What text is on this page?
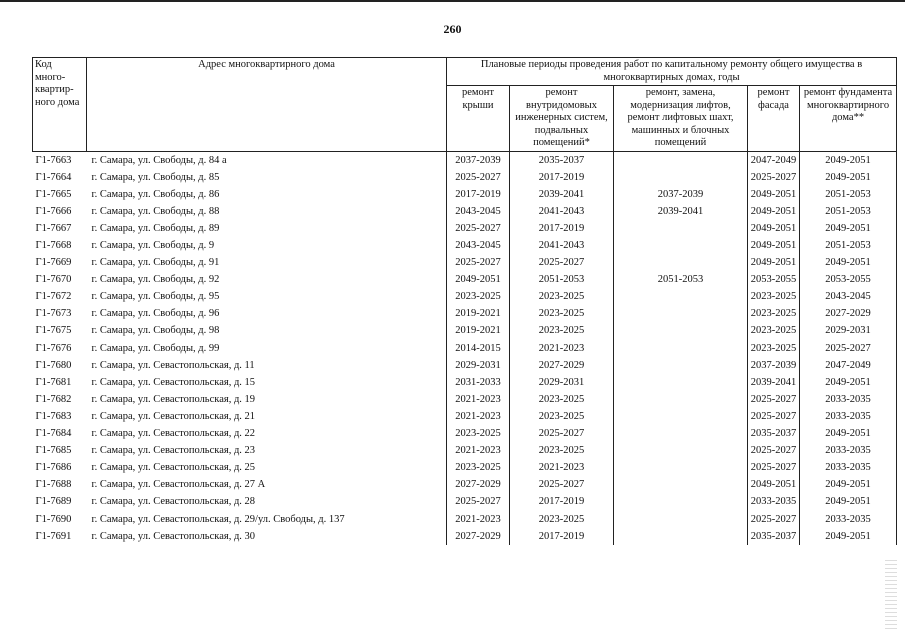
260
Код много-квартир-ного дома	Адрес многоквартирного дома	Плановые периоды проведения работ по капитальному ремонту общего имущества в многоквартирных домах, годы				
		ремонт крыши	ремонт внутридомовых инженерных систем, подвальных помещений*	ремонт, замена, модернизация лифтов, ремонт лифтовых шахт, машинных и блочных помещений	ремонт фасада	ремонт фундамента многоквартирного дома**
Г1-7663	г. Самара, ул. Свободы, д. 84 а	2037-2039	2035-2037		2047-2049	2049-2051
Г1-7664	г. Самара, ул. Свободы, д. 85	2025-2027	2017-2019		2025-2027	2049-2051
Г1-7665	г. Самара, ул. Свободы, д. 86	2017-2019	2039-2041	2037-2039	2049-2051	2051-2053
Г1-7666	г. Самара, ул. Свободы, д. 88	2043-2045	2041-2043	2039-2041	2049-2051	2051-2053
Г1-7667	г. Самара, ул. Свободы, д. 89	2025-2027	2017-2019		2049-2051	2049-2051
Г1-7668	г. Самара, ул. Свободы, д. 9	2043-2045	2041-2043		2049-2051	2051-2053
Г1-7669	г. Самара, ул. Свободы, д. 91	2025-2027	2025-2027		2049-2051	2049-2051
Г1-7670	г. Самара, ул. Свободы, д. 92	2049-2051	2051-2053	2051-2053	2053-2055	2053-2055
Г1-7672	г. Самара, ул. Свободы, д. 95	2023-2025	2023-2025		2023-2025	2043-2045
Г1-7673	г. Самара, ул. Свободы, д. 96	2019-2021	2023-2025		2023-2025	2027-2029
Г1-7675	г. Самара, ул. Свободы, д. 98	2019-2021	2023-2025		2023-2025	2029-2031
Г1-7676	г. Самара, ул. Свободы, д. 99	2014-2015	2021-2023		2023-2025	2025-2027
Г1-7680	г. Самара, ул. Севастопольская, д. 11	2029-2031	2027-2029		2037-2039	2047-2049
Г1-7681	г. Самара, ул. Севастопольская, д. 15	2031-2033	2029-2031		2039-2041	2049-2051
Г1-7682	г. Самара, ул. Севастопольская, д. 19	2021-2023	2023-2025		2025-2027	2033-2035
Г1-7683	г. Самара, ул. Севастопольская, д. 21	2021-2023	2023-2025		2025-2027	2033-2035
Г1-7684	г. Самара, ул. Севастопольская, д. 22	2023-2025	2025-2027		2035-2037	2049-2051
Г1-7685	г. Самара, ул. Севастопольская, д. 23	2021-2023	2023-2025		2025-2027	2033-2035
Г1-7686	г. Самара, ул. Севастопольская, д. 25	2023-2025	2021-2023		2025-2027	2033-2035
Г1-7688	г. Самара, ул. Севастопольская, д. 27 А	2027-2029	2025-2027		2049-2051	2049-2051
Г1-7689	г. Самара, ул. Севастопольская, д. 28	2025-2027	2017-2019		2033-2035	2049-2051
Г1-7690	г. Самара, ул. Севастопольская, д. 29/ул. Свободы, д. 137	2021-2023	2023-2025		2025-2027	2033-2035
Г1-7691	г. Самара, ул. Севастопольская, д. 30	2027-2029	2017-2019		2035-2037	2049-2051
